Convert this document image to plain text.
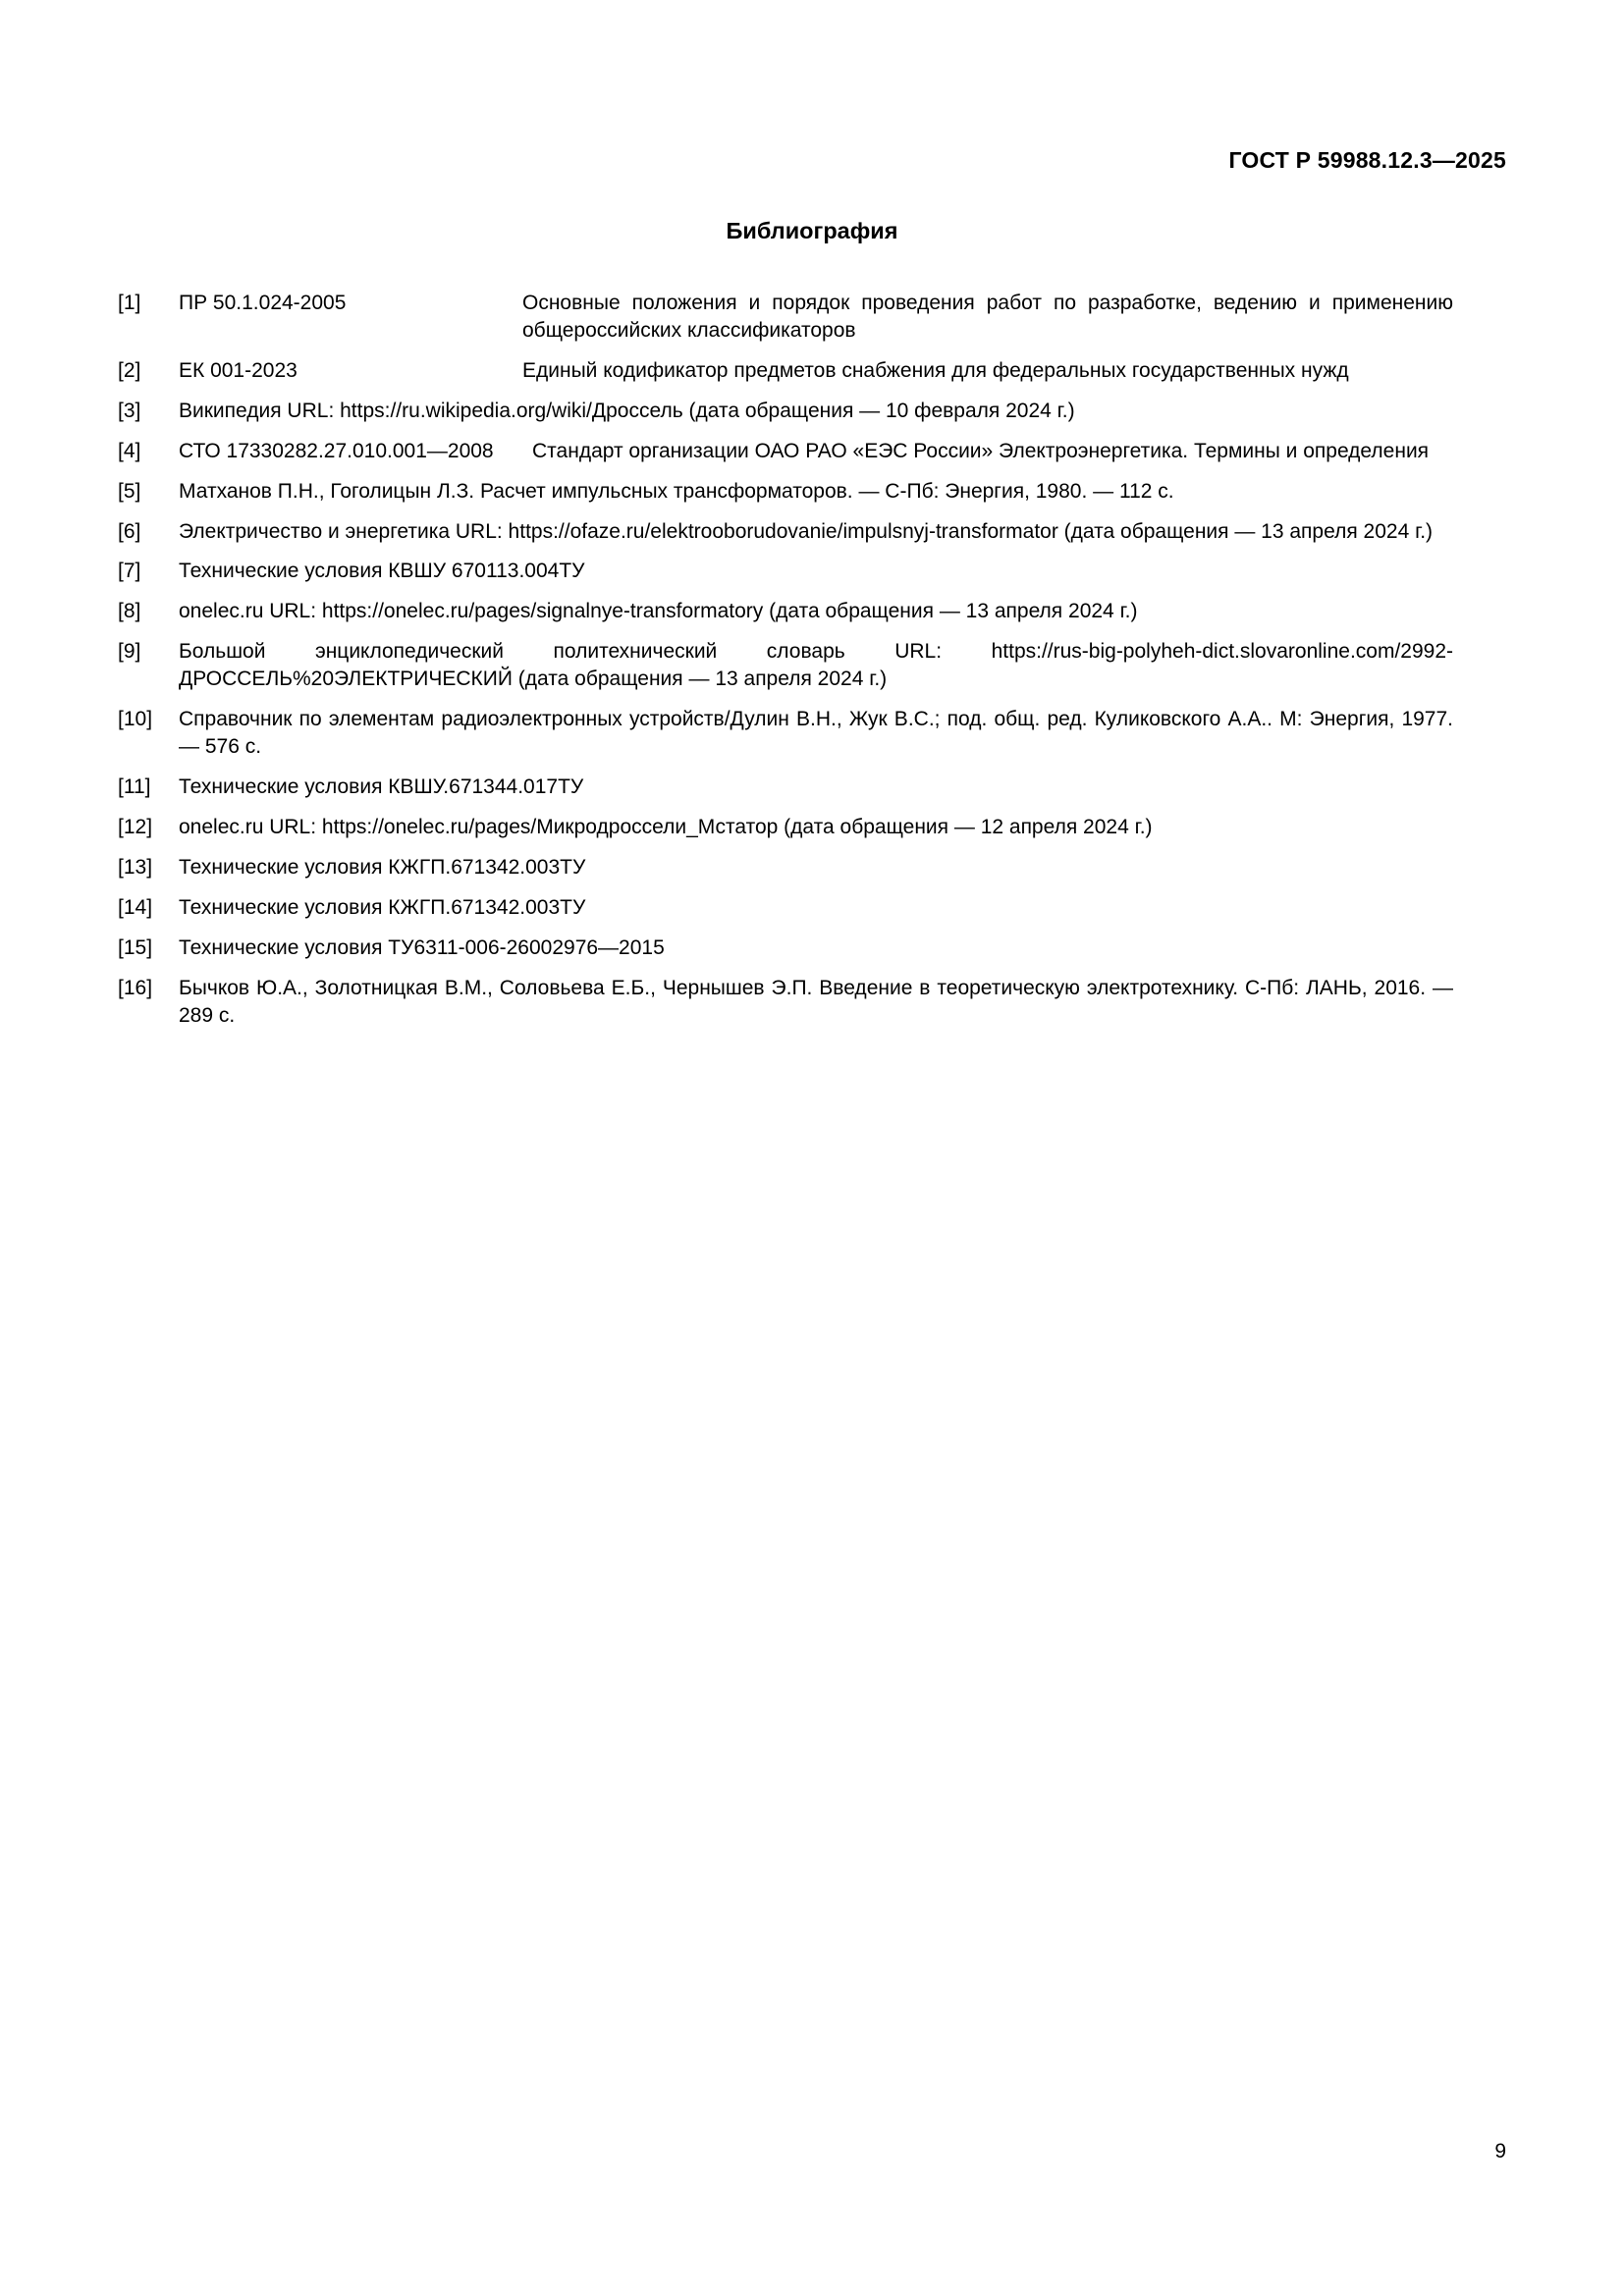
ГОСТ Р 59988.12.3—2025
Библиография
[1]	ПР 50.1.024-2005	Основные положения и порядок проведения работ по разработке, ведению и применению общероссийских классификаторов
[2]	ЕК 001-2023	Единый кодификатор предметов снабжения для федеральных государственных нужд
[3]	Википедия URL: https://ru.wikipedia.org/wiki/Дроссель (дата обращения — 10 февраля 2024 г.)
[4]	СТО 17330282.27.010.001—2008	Стандарт организации ОАО РАО «ЕЭС России» Электроэнергетика. Термины и определения
[5]	Матханов П.Н., Гоголицын Л.З. Расчет импульсных трансформаторов. — С-Пб: Энергия, 1980. — 112 с.
[6]	Электричество и энергетика URL: https://ofaze.ru/elektrooborudovanie/impulsnyj-transformator (дата обращения — 13 апреля 2024 г.)
[7]	Технические условия КВШУ 670113.004ТУ
[8]	onelec.ru URL: https://onelec.ru/pages/signalnye-transformatory (дата обращения — 13 апреля 2024 г.)
[9]	Большой энциклопедический политехнический словарь URL: https://rus-big-polyheh-dict.slovaronline.com/2992-ДРОССЕЛЬ%20ЭЛЕКТРИЧЕСКИЙ (дата обращения — 13 апреля 2024 г.)
[10]	Справочник по элементам радиоэлектронных устройств/Дулин В.Н., Жук В.С.; под. общ. ред. Куликовского А.А.. М: Энергия, 1977. — 576 с.
[11]	Технические условия КВШУ.671344.017ТУ
[12]	onelec.ru URL: https://onelec.ru/pages/Микродроссели_Мстатор (дата обращения — 12 апреля 2024 г.)
[13]	Технические условия КЖГП.671342.003ТУ
[14]	Технические условия КЖГП.671342.003ТУ
[15]	Технические условия ТУ6311-006-26002976—2015
[16]	Бычков Ю.А., Золотницкая В.М., Соловьева Е.Б., Чернышев Э.П. Введение в теоретическую электротехнику. С-Пб: ЛАНЬ, 2016. — 289 с.
9
